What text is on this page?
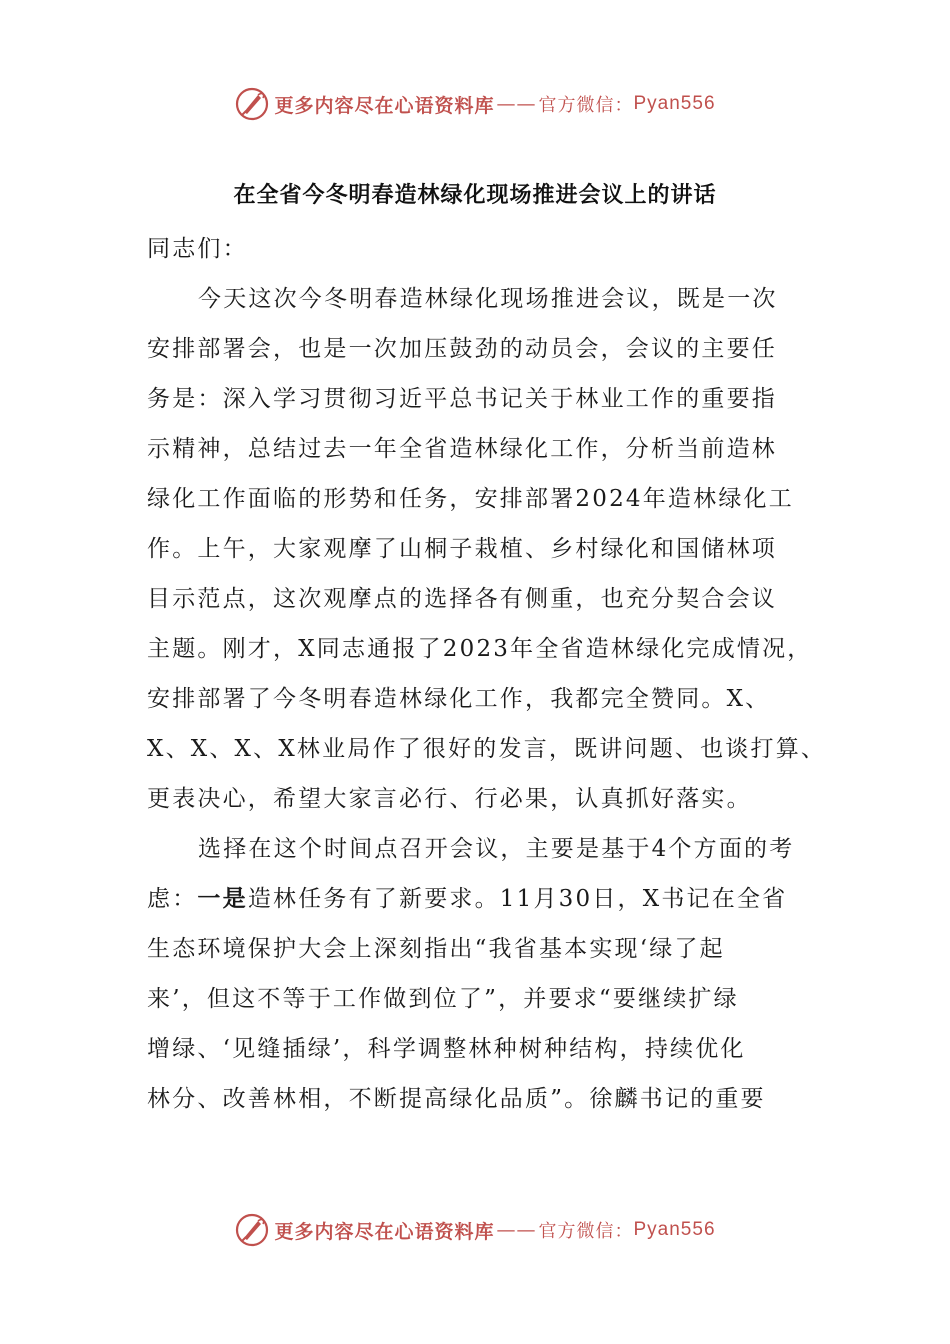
更多内容尽在心语资料库 —— 官方微信： Pyan556
在全省今冬明春造林绿化现场推进会议上的讲话

同志们：

今天这次今冬明春造林绿化现场推进会议，既是一次
安排部署会，也是一次加压鼓劲的动员会，会议的主要任
务是：深入学习贯彻习近平总书记关于林业工作的重要指
示精神，总结过去一年全省造林绿化工作，分析当前造林
绿化工作面临的形势和任务，安排部署2024年造林绿化工
作。上午，大家观摩了山桐子栽植、乡村绿化和国储林项
目示范点，这次观摩点的选择各有侧重，也充分契合会议
主题。刚才，X同志通报了2023年全省造林绿化完成情况，
安排部署了今冬明春造林绿化工作，我都完全赞同。X、
X、X、X、X林业局作了很好的发言，既讲问题、也谈打算、
更表决心，希望大家言必行、行必果，认真抓好落实。

选择在这个时间点召开会议，主要是基于4个方面的考
虑：一是造林任务有了新要求。11月30日，X书记在全省
生态环境保护大会上深刻指出“我省基本实现‘绿了起
来’，但这不等于工作做到位了”，并要求“要继续扩绿
增绿、‘见缝插绿’，科学调整林种树种结构，持续优化
林分、改善林相，不断提高绿化品质”。徐麟书记的重要

更多内容尽在心语资料库 —— 官方微信： Pyan556
